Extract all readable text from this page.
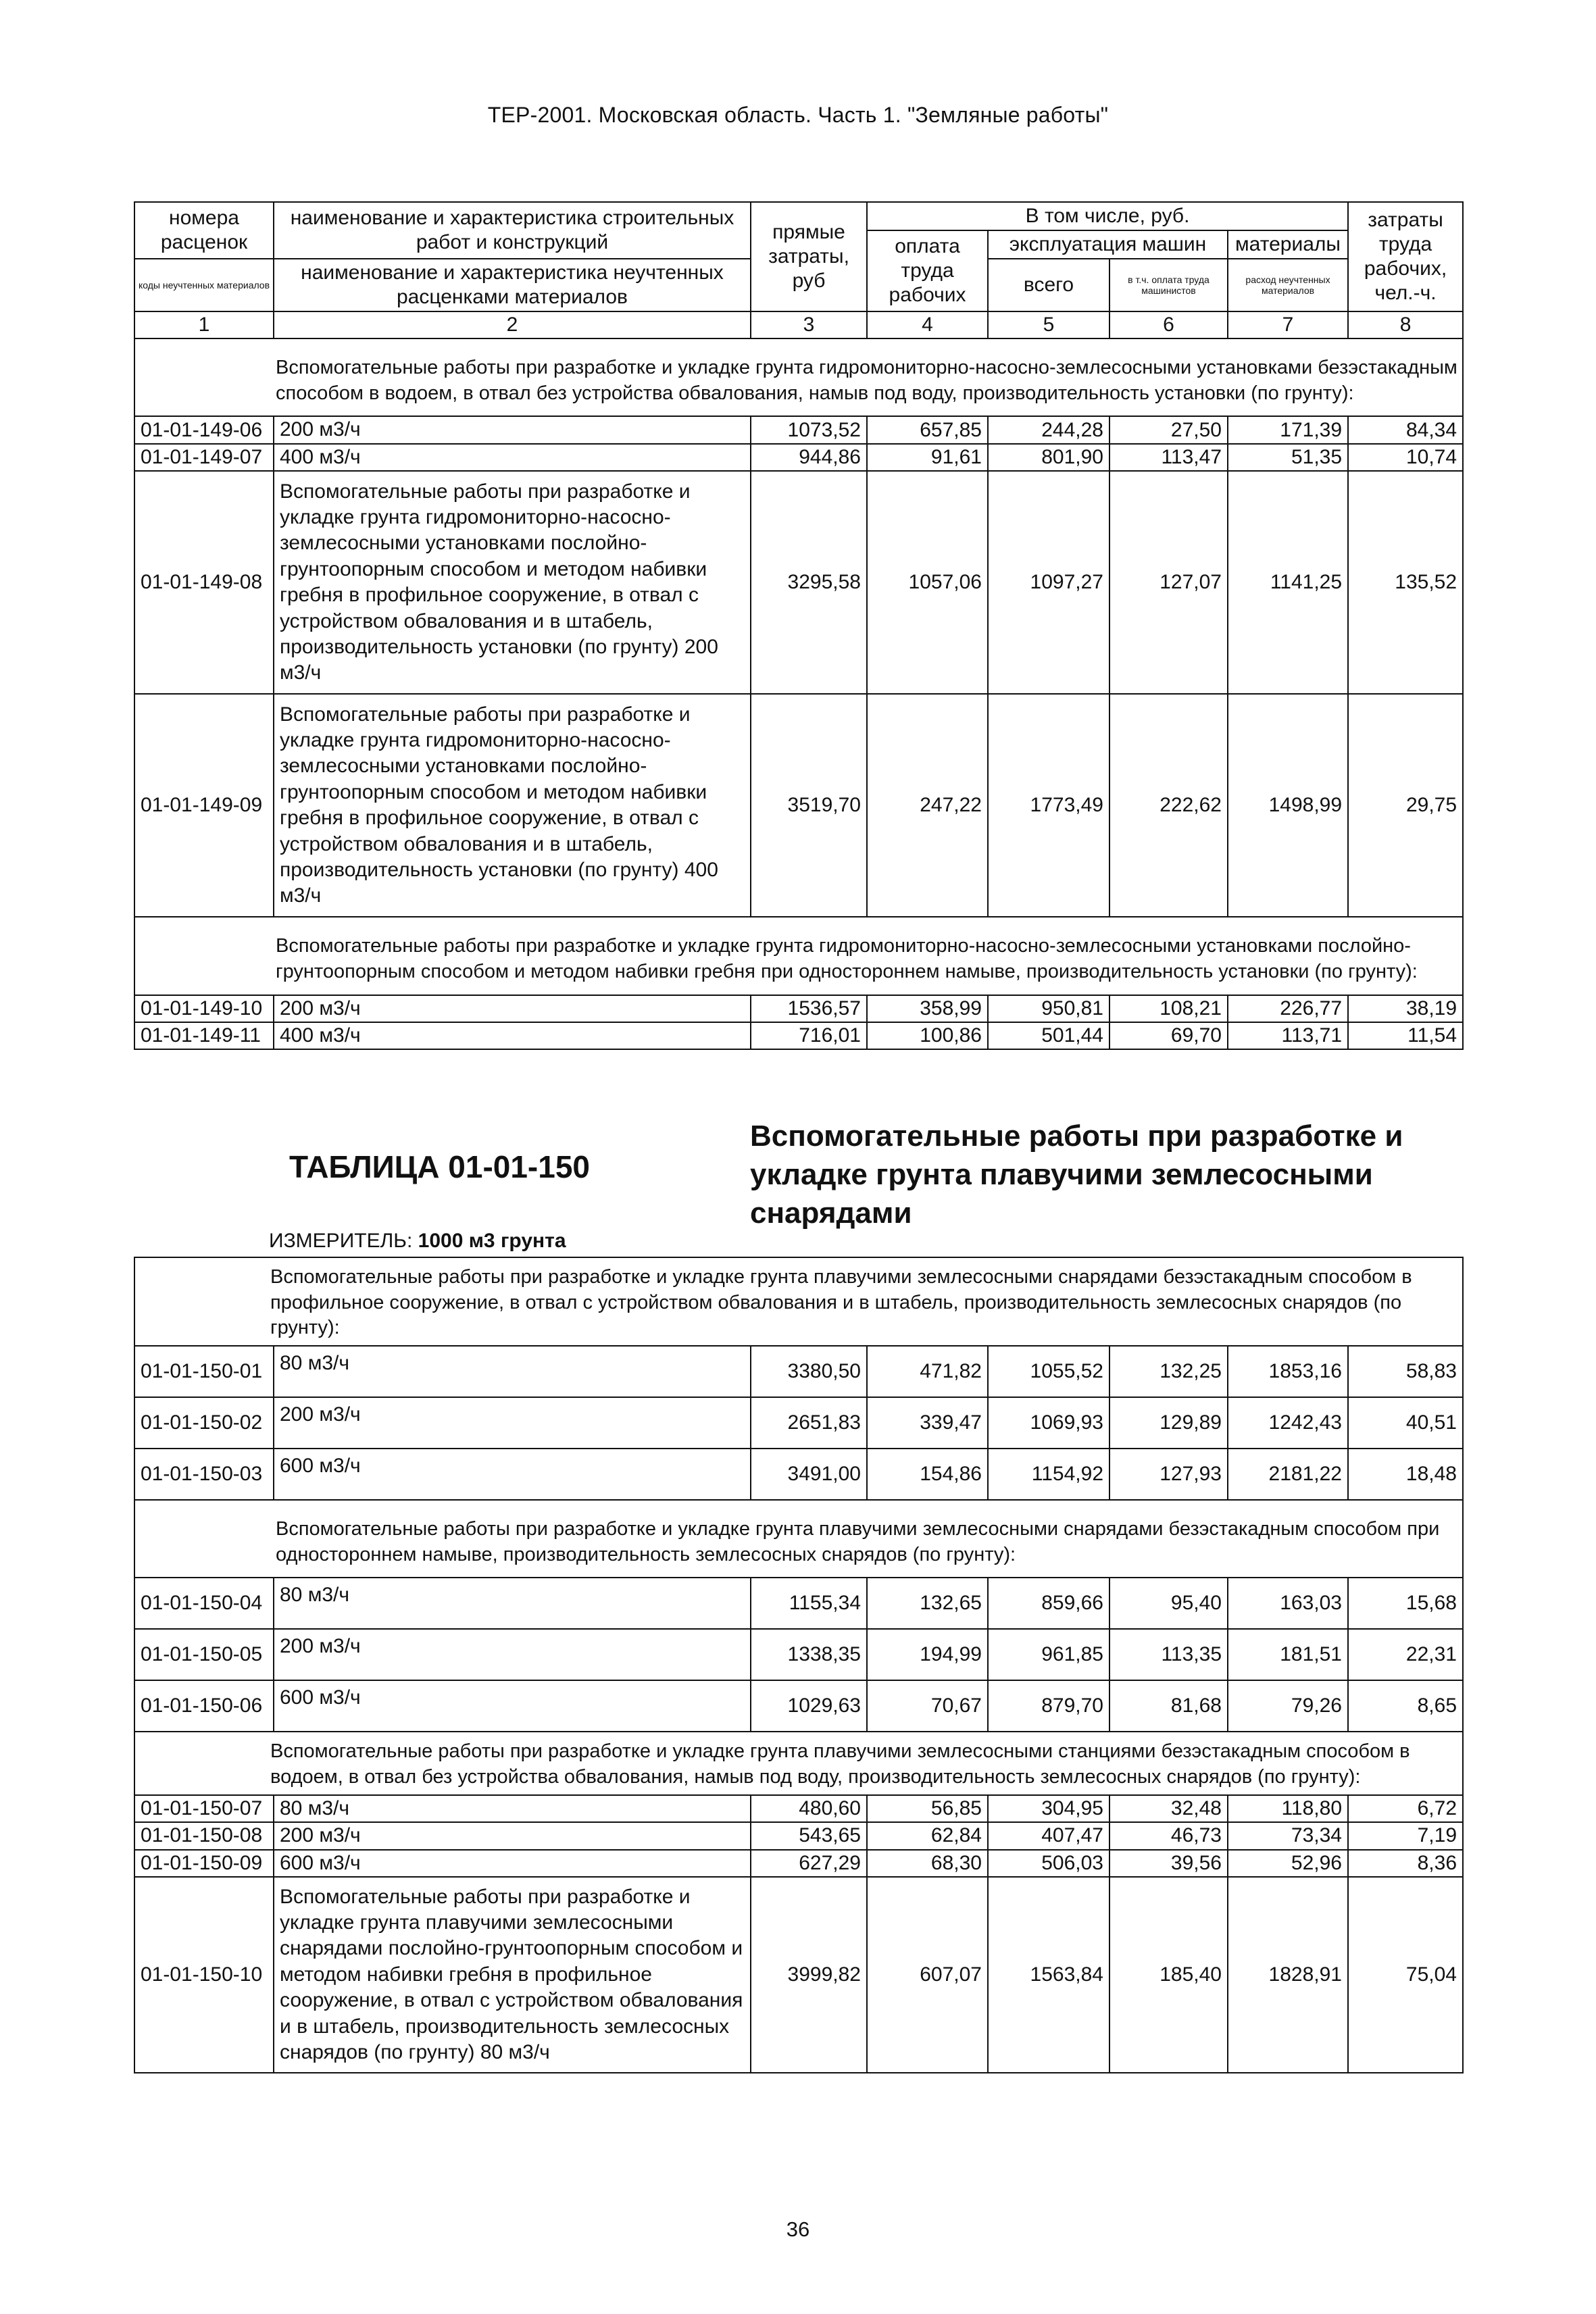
ТЕР-2001. Московская область. Часть 1. "Земляные работы"
номера расценок	наименование и характеристика строительных работ и конструкций	прямые затраты, руб	В том числе, руб.				затраты труда рабочих, чел.-ч.
			оплата труда рабочих	эксплуатация машин		материалы	
коды неучтенных материалов	наименование и характеристика неучтенных расценками материалов			всего	в т.ч. оплата труда машинистов	расход неучтенных материалов	

1	2	3	4	5	6	7	8
Вспомогательные работы при разработке и укладке грунта гидромониторно-насосно-землесосными установками безэстакадным способом в водоем, в отвал без устройства обвалования, намыв под воду, производительность установки (по грунту):							
01-01-149-06	200 м3/ч	1073,52	657,85	244,28	27,50	171,39	84,34
01-01-149-07	400 м3/ч	944,86	91,61	801,90	113,47	51,35	10,74
01-01-149-08	Вспомогательные работы при разработке и укладке грунта гидромониторно-насосно-землесосными установками послойно-грунтоопорным способом и методом набивки гребня в профильное сооружение, в отвал с устройством обвалования и в штабель, производительность установки (по грунту) 200 м3/ч	3295,58	1057,06	1097,27	127,07	1141,25	135,52
01-01-149-09	Вспомогательные работы при разработке и укладке грунта гидромониторно-насосно-землесосными установками послойно-грунтоопорным способом и методом набивки гребня в профильное сооружение, в отвал с устройством обвалования и в штабель, производительность установки (по грунту) 400 м3/ч	3519,70	247,22	1773,49	222,62	1498,99	29,75
Вспомогательные работы при разработке и укладке грунта гидромониторно-насосно-землесосными установками послойно-грунтоопорным способом и методом набивки гребня при одностороннем намыве, производительность установки (по грунту):							
01-01-149-10	200 м3/ч	1536,57	358,99	950,81	108,21	226,77	38,19
01-01-149-11	400 м3/ч	716,01	100,86	501,44	69,70	113,71	11,54
ТАБЛИЦА 01-01-150
Вспомогательные работы при разработке и укладке грунта плавучими землесосными снарядами
ИЗМЕРИТЕЛЬ: 1000 м3 грунта
Вспомогательные работы при разработке и укладке грунта плавучими землесосными снарядами безэстакадным способом в профильное сооружение, в отвал с устройством обвалования и в штабель, производительность землесосных снарядов (по грунту):							
01-01-150-01	80 м3/ч	3380,50	471,82	1055,52	132,25	1853,16	58,83
01-01-150-02	200 м3/ч	2651,83	339,47	1069,93	129,89	1242,43	40,51
01-01-150-03	600 м3/ч	3491,00	154,86	1154,92	127,93	2181,22	18,48
Вспомогательные работы при разработке и укладке грунта плавучими землесосными снарядами безэстакадным способом при одностороннем намыве, производительность землесосных снарядов (по грунту):							
01-01-150-04	80 м3/ч	1155,34	132,65	859,66	95,40	163,03	15,68
01-01-150-05	200 м3/ч	1338,35	194,99	961,85	113,35	181,51	22,31
01-01-150-06	600 м3/ч	1029,63	70,67	879,70	81,68	79,26	8,65
Вспомогательные работы при разработке и укладке грунта плавучими землесосными станциями безэстакадным способом в водоем, в отвал без устройства обвалования, намыв под воду, производительность землесосных снарядов (по грунту):							
01-01-150-07	80 м3/ч	480,60	56,85	304,95	32,48	118,80	6,72
01-01-150-08	200 м3/ч	543,65	62,84	407,47	46,73	73,34	7,19
01-01-150-09	600 м3/ч	627,29	68,30	506,03	39,56	52,96	8,36
01-01-150-10	Вспомогательные работы при разработке и укладке грунта плавучими землесосными снарядами послойно-грунтоопорным способом и методом набивки гребня в профильное сооружение, в отвал с устройством обвалования и в штабель, производительность землесосных снарядов (по грунту) 80 м3/ч	3999,82	607,07	1563,84	185,40	1828,91	75,04
36
